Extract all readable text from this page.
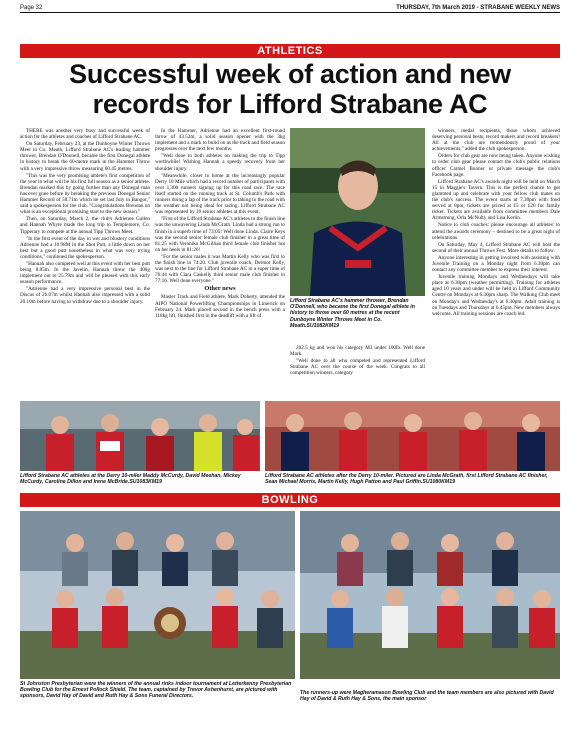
Page 32	THURSDAY, 7th March 2019 - STRABANE WEEKLY NEWS
ATHLETICS
Successful week of action and new records for Lifford Strabane AC

THERE was another very busy and successful week of action for the athletes and coaches of Lifford Strabane AC.

On Saturday, February 23, at the Dunboyne Winter Throws Meet in Co. Meath, Lifford Strabane AC's leading hammer thrower, Brendan O'Donnell, became the first Donegal athlete in history to break the 60-metre mark in the Hammer Throw with a very impressive throw measuring 60.45 metres.

"This was the very promising athlete's first competition of the year in what will be his first full season as a senior athlete. Brendan marked this by going further than any Donegal man has ever gone before by breaking the previous Donegal Senior Hammer Record of 58.71m which he set last July in Bangor," said a spokesperson for the club. "Congratulations Brendan on what is an exceptional promising start to the new season."

Then, on Saturday, March 2, the club's Adrienne Gallen and Hannah Whyte made the long trip to Templemore, Co. Tipperary to compete at the annual Tipp Throws Meet.

"In the first event of the day in wet and blustery conditions Adrienne had a 10.98M in the Shot Putt, a little down on her best but a good putt nonetheless in what was very trying conditions," continued the spokesperson.

"Hannah also competed well at this event with her best putt being 8.85m. In the Javelin, Hannah threw the 400g implement out to 25.79m and will be pleased with this early season performance.

"Adrienne had a very impressive personal best in the Discus of 26.07m whilst Hannah also impressed with a solid 20.10m before having to withdraw due to a shoulder injury.

In the Hammer, Adrienne had an excellent first-round throw of 43.53m, a solid season opener with the 3kg implement and a mark to build on as the track and field season progresses over the next few months.

"Well done to both athletes on making the trip to Tipp worthwhile! Wishing Hannah a speedy recovery from her shoulder injury.

"Meanwhile, closer to home at the increasingly popular Derry 10 Mile which had a record number of participants with over 1,300 runners signing up for this road race. The race itself started on the running track at St. Columb's Park with runners doing a lap of the track prior to taking to the road with the weather not being ideal for racing. Lifford Strabane AC was represented by 16 senior athletes at this event.

"First of the Lifford Strabane AC's athletes to the finish line was the unwavering Linda McGrath. Linda had a strong run to finish in a superb time of 73:05! Well done Linda. Claire Keys was the second senior female club finisher in a great time of 81:25 with Veronika McGillian third female club finisher hot on her heels in 81:26!

"For the senior males it was Martin Kelly who was first to the finish line in 74:20. Club juvenile coach, Dermot Kelly, was next to the line for Lifford Strabane AC in a super time of 76:44 with Ciara Caskelly third senior male club finisher in 77:16. Well done everyone."

Other news

Master Track and Field athlete, Mark Doherty, attended the AIPO National Powerlifting Championships in Limerick on February 24. Mark placed second in the bench press with a 118kg lift, finished first in the deadlift with a lift of

Lifford Strabane AC's hammer thrower, Brendan O'Donnell, who became the first Donegal athlete in history to throw over 60 metres at the recent Dunboyne Winter Throws Meet in Co. Meath.SU1082KM19

202.5 kg and won his category M3 under 100lb. Well done Mark.

"Well done to all who competed and represented Lifford Strabane AC over the course of the week. Congrats to all competition winners, category

winners, medal recipients, those whom achieved deserving personal bests, record makers and record breakers! All at the club are tremendously proud of your achievements," added the club spokesperson.

Orders for club gear are now being taken. Anyone wishing to order club gear please contact the club's public relations officer Carmel Bonner or private message the club's Facebook page.

Lifford Strabane AC's awards night will be held on March 15 in Maggie's Tavern. This is the perfect chance to get glammed up and celebrate with your fellow club mates on the club's success. The event starts at 7.30pm with food served at 8pm, tickets are priced at £5 or £20 for family ticket. Tickets are available from committee members Dale Armstrong, Orla McNulty and Lisa Kerlin.

Notice to club coaches: please encourage all athletes' to attend the awards ceremony – destined to be a great night of celebrations.

On Saturday, May 4, Lifford Strabane AC will host the second of their annual Throws Fest. More details to follow.

Anyone interesting in getting involved with assisting with Juvenile Training on a Monday night from 6.30pm can contact any committee member to express their interest.

Juvenile training Mondays and Wednesdays will take place at 6.30pm (weather permitting). Training for athletes aged 10 years and under will be held in Lifford Community Centre on Mondays at 6.30pm sharp. The Walking Club meet on Monday's and Wednesday's at 6.30pm. Adult training is on Tuesdays and Thursdays at 6.45pm. New members always welcome. All training sessions are coach led.

Lifford Strabane AC athletes at the Derry 10-miler Maddy McCurdy, David Meehan, Mickey McCurdy, Caroline Dillon and Irene McBride.SU1083KM19
Lifford Strabane AC athletes after the Derry 10-miler. Pictured are Linda McGrath, first Lifford Strabane AC finisher, Sean Michael Morris, Martin Kelly, Hugh Patton and Paul Griffin.SU1080KM19
BOWLING
St Johnston Presbyterian were the winners of the annual rinks indoor tournament at Letterkenny Presbyterian Bowling Club for the Ernest Pollock Shield. The team, captained by Trevor Ashenhurst, are pictured with sponsors, David Hay of David and Ruth Hay & Sons Funeral Directors.
The runners-up were Magheramason Bowling Club and the team members are also pictured with David Hay of David & Ruth Hay & Sons, the main sponsor
